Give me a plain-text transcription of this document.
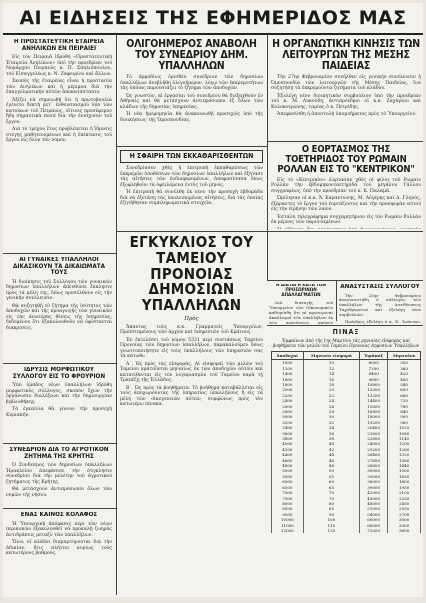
ΑΙ ΕΙΔΗΣΕΙΣ ΤΗΣ ΕΦΗΜΕΡΙΔΟΣ ΜΑΣ
Η ΠΡΟΣΤΑΤΕΥΤΙΚΗ ΕΤΑΙΡΕΙΑ ΑΝΗΛΙΚΩΝ ΕΝ ΠΕΙΡΑΙΕΙ

Εἰς τὸν Πειραιᾶ ἱδρύθη «Προστατευτικὴ Ἑταιρεία Ἀνηλίκων» ὑπὸ τὴν προεδρίαν τοῦ Νομάρχου Πειραιῶς κ. Π. Σπηλιόπουλου, τοῦ Εἰσαγγελέως κ. Ν. Ζαφειρίου καὶ ἄλλων.

Σκοπὸς τῆς ἑταιρείας εἶναι ἡ προστασία τῶν ἀνηλίκων καὶ ἡ μέριμνα διὰ τὴν ἐπαγγελματικὴν αὐτῶν ἀποκατάστασιν.

Ἀξίζει νὰ σημειωθῇ ὅτι ἡ πρωτοβουλία ἐγένετο δεκτὴ μετ᾽ ἐνθουσιασμοῦ ὑπὸ τῶν κατοίκων τοῦ Πειραιῶς, οἵτινες προσέφερον ἤδη σημαντικὰ ποσά διὰ τὴν ἐνίσχυσιν τοῦ ἔργου.

Διὰ τὸ τρέχον ἔτος προβλέπεται ἡ ἵδρυσις στέγης μαθητευομένων καὶ ἡ ἐπέκτασις τοῦ ἔργου εἰς ὅλον τὸν νομόν.

ΑΙ ΓΥΝΑΙΚΕΣ ΥΠΑΛΛΗΛΟΙ ΔΙΚΑΣΙΚΟΥΝ ΤΑ ΔΙΚΑΙΩΜΑΤΑ ΤΟΥΣ

Ἡ διοίκησις τοῦ Συλλόγου τῶν γυναικῶν δημοσίων ὑπαλλήλων ἀπευθύνει ἔκκλησιν πρὸς τὰ μέλη της, ὅπως προσέλθουν εἰς τὴν γενικὴν συνέλευσιν.

Θὰ συζητηθῇ τὸ ζήτημα τῆς ἰσότητος τῶν ἀποδοχῶν καὶ τῆς προαγωγῆς τῶν γυναικῶν εἰς τὰς ἀνωτέρας θέσεις τῆς ὑπηρεσίας, δεδομένου ὅτι ἐξακολουθοῦν νὰ ὑφίστανται διακρίσεις.

ΙΔΡΥΣΙΣ ΜΟΡΦΩΤΙΚΟΥ ΣΥΛΛΟΓΟΥ ΕΙΣ ΤΟ ΦΡΟΥΡΙΟΝ

Ὑπὸ ὁμάδος νέων ὑπαλλήλων ἱδρύθη μορφωτικὸς σύλλογος, σκοπὸν ἔχων τὴν ὀργάνωσιν διαλέξεων καὶ τὴν δημιουργίαν βιβλιοθήκης.

Τὰ ἐγκαίνια θὰ γίνουν τὴν προσεχῆ Κυριακήν.

ΣΥΝΕΔΡΙΟΝ ΔΙΑ ΤΟ ΑΓΡΟΤΙΚΟΝ ΖΗΤΗΜΑ ΤΗΣ ΚΡΗΤΗΣ

Ὁ Συνδεσμος τῶν δημοσίων ὑπαλλήλων Ἡρακλείου ἀπεφάσισε τὴν σύγκλησιν συνεδρίου διὰ τὴν μελέτην τοῦ ἀγροτικοῦ ζητήματος τῆς Κρήτης.

Θὰ μετάσχουν ἀντιπρόσωποι ὅλων τῶν νομῶν τῆς νήσου.

ΕΝΑΣ ΚΑΙΝΟΣ ΚΟΛΑΦΟΣ

Ἡ Ὑπουργικὴ ἀπόφασις περὶ τῶν νέων περικοπῶν ἐξακολουθεῖ νὰ προκαλῇ ζωηρὰς ἀντιδράσεις μεταξὺ τῶν ὑπαλλήλων.

Ὅλοι οἱ κλάδοι διαμαρτύρονται διὰ τὴν ἀδικίαν, ἥτις πλήττει κυρίως τοὺς κατωτέρους βαθμούς.

ΟΛΙΓΟΗΜΕΡΟΣ ΑΝΑΒΟΛΗ ΤΟΥ ΣΥΝΕΔΡΙΟΥ ΔΗΜ. ΥΠΑΛΛΗΛΩΝ

Τὸ ἀρμοδίως ὁρισθὲν συνέδριον τῶν δημοσίων ὑπαλλήλων ἀνεβλήθη ὀλιγοήμερον, λόγῳ τῶν ἐκκρεμοτήτων τὰς ὁποίας παρουσιάζει τὸ ζήτημα τῶν ἀποδοχῶν.

Ὡς γνωστόν, αἱ ἐργασίαι τοῦ συνεδρίου θὰ διεξαχθοῦν ἐν Ἀθήναις καὶ θὰ μετάσχουν ἀντιπρόσωποι ἐξ ὅλων τῶν κλάδων τῆς δημοσίας ὑπηρεσίας.

Ἡ νέα ἡμερομηνία θὰ ἀνακοινωθῇ προσεχῶς ὑπὸ τῆς διοικήσεως τῆς Ὁμοσπονδίας.

Η ΣΦΑΙΡΗ ΤΩΝ ΕΚΚΑΘΑΡΙΣΘΕΝΤΩΝ

Συνεδρίασεν χθὲς ἡ ἐπιτροπὴ ἐκκαθαρίσεως τῶν ἐκκρεμῶν ὑποθέσεων τῶν δημοσίων ὑπαλλήλων καὶ ἐξήτασε τὰς αἰτήσεις τῶν ἐνδιαφερομένων, ἀποφασίσασα ὅπως ἐξοφληθοῦν τὰ ὀφειλόμενα ἐντὸς τοῦ μηνός.

Ἡ ἐπιτροπὴ θὰ συνέλθῃ ἐκ νέου τὴν προσεχῆ ἑβδομάδα διὰ νὰ ἐξετάσῃ τὰς ὑπολειπομένας αἰτήσεις, διὰ τὰς ὁποίας ἐζητήθησαν συμπληρωματικὰ στοιχεῖα.

Η ΟΡΓΑΝΩΤΙΚΗ ΚΙΝΗΣΙΣ ΤΩΝ ΛΕΙΤΟΥΡΓΩΝ ΤΗΣ ΜΕΣΗΣ ΠΑΙΔΕΙΑΣ

Τὴν 27ην Φεβρουαρίου συνῆλθεν εἰς γενικὴν συνέλευσιν ἡ Ὁμοσπονδία τῶν λειτουργῶν τῆς Μέσης Παιδείας, ἵνα συζητήσῃ τὰ ἐκκρεμοῦντα ζητήματα τοῦ κλάδου.

Ἐξελέγη νέον διοικητικὸν συμβούλιον ὑπὸ τὴν προεδρίαν τοῦ κ. Μ. Λυκούδη, ἀντιπρόεδροι οἱ κ.κ. Ζαχαρίου καὶ Κολοκοτρώνης, ταμίας ὁ κ. Πετρίδης.

Ἀπεφασίσθη ἡ ἀποστολὴ ὑπομνήματος πρὸς τὸ Ὑπουργεῖον.

Ο ΕΟΡΤΑΣΜΟΣ ΤΗΣ ΤΟΕΤΗΡΙΔΟΣ ΤΟΥ ΡΩΜΑΙΝ ΡΟΛΛΑΝ ΕΙΣ ΤΟ "ΚΕΝΤΡΙΚΟΝ"

Εἰς τὸ «Κεντρικὸν» ἐώρτασαν χθὲς οἱ φίλοι τοῦ Ρωμαὶν Ρολλὰν τὴν ἑβδομηκονταετηρίδα τοῦ μεγάλου Γάλλου συγγραφέως, ὑπὸ τὴν προεδρίαν τοῦ κ. Κ. Παλαμᾶ.

Ὡμίλησαν οἱ κ.κ. Ἀ. Καραντώνης, Μ. Αὐγέρης καὶ Δ. Γληνός, ἐξάραντες τὸ ἔργον τοῦ ἑορτάζοντος καὶ τὴν προσφορὰν αὐτοῦ εἰς τὴν εἰρήνην τῶν λαῶν.

Ἐστάλη τηλεγράφημα συγχαρητήριον εἰς τὸν Ρωμαὶν Ρολλὰν ἐκ μέρους τῶν παρισταμένων.

ΕΓΚΥΚΛΙΟΣ ΤΟΥ ΤΑΜΕΙΟΥ ΠΡΟΝΟΙΑΣ ΔΗΜΟΣΙΩΝ ΥΠΑΛΛΗΛΩΝ
Πρὸς

Ἅπαντας τοὺς κ.κ. Γραμματεῖς Ὑπουργείων, Προϊσταμένους τῶν ἀρχῶν καὶ ὑπηρεσιῶν τοῦ Κράτους.

Ἐν ἐκτελέσει τοῦ νόμου 5331 περὶ συστάσεως Ταμείου Προνοίας τῶν δημοσίων ὑπαλλήλων, παρακαλοῦμεν ὅπως γνωστοποιήσητε εἰς τοὺς ὑπαλλήλους τῶν ὑπηρεσιῶν σας τὰ κάτωθι:

Α΄. Ὡς πρὸς τὰς εἰσφοράς. Αἱ εἰσφοραὶ τῶν μελῶν τοῦ Ταμείου κρατοῦνται μηνιαίως ἐκ τῶν ἀποδοχῶν αὐτῶν καὶ κατατίθενται εἰς τὸν λογαριασμὸν τοῦ Ταμείου παρὰ τῇ Τραπέζῃ τῆς Ἑλλάδος.

Β΄. Ὡς πρὸς τὰ βοηθήματα. Τὸ βοήθημα καταβάλλεται εἰς τοὺς ἀποχωροῦντας τῆς ὑπηρεσίας ὑπαλλήλους ἢ εἰς τὰ μέλη τῶν οἰκογενειῶν αὐτῶν, συμφώνως πρὸς τὸν κατωτέρω πίνακα.

Η ΔΙΑΤΑΓΗ ΚΑΤΑ ΤΩΝ ΠΡΟΣΩΡΙΝΩΝ ΑΠΑΛΛΑΓΜΑΤΩΝ

Διὰ διαταγῆς τοῦ Ὑπουργείου τῶν Οἰκονομικῶν καθωρίσθη ὅτι αἱ προσωριναὶ ἀπαλλαγαὶ τῶν ὑπαλλήλων ἐκ τῶν κρατήσεων παύουν

ΑΝΑΣΥΣΤΑΣΙΣ ΣΥΛΛΟΓΟΥ

Τὴν 25ην Φεβρουαρίου ἀνασυνεστήθη ὁ σύλλογος τῶν ὑπαλλήλων τῆς Διευθύνσεως Ταχυδρομείων καὶ ἐξελέγη νέον συμβούλιον.

Πρόεδρος ἐξελέγη ὁ κ. Ν. Ἰωάννου,

ΠΙΝΑΞ
Ἐμφαίνων ἀπὸ τῆς 1ης Μαρτίου τὰς μηνιαίας εἰσφορὰς καὶ βοηθήματα τῶν μελῶν τοῦ Ταμείου Προνοίας Δημοσίων Ὑπαλλήλων
Ἀποδοχαὶ	Μηνιαία εἰσφορὰ	Ἐφάπαξ	Μηνιαῖον
1000	10	6000	300
1200	12	7200	360
1400	14	8400	420
1600	16	9600	480
1800	18	10800	540
2000	20	12000	600
2200	22	13200	660
2400	24	14400	720
2600	26	15600	780
2800	28	16800	840
3000	30	18000	900
3200	32	19200	960
3400	34	20400	1020
3600	36	21600	1080
3800	38	22800	1140
4000	40	24000	1200
4200	42	25200	1260
4400	44	26400	1320
4600	46	27600	1380
4800	48	28800	1440
5000	50	30000	1500
5500	55	33000	1650
6000	60	36000	1800
6500	65	39000	1950
7000	70	42000	2100
7500	75	45000	2250
8000	80	48000	2400
8500	85	51000	2550
9000	90	54000	2700
10000	100	60000	3000
11000	110	66000	3300
12000	120	72000	3600
